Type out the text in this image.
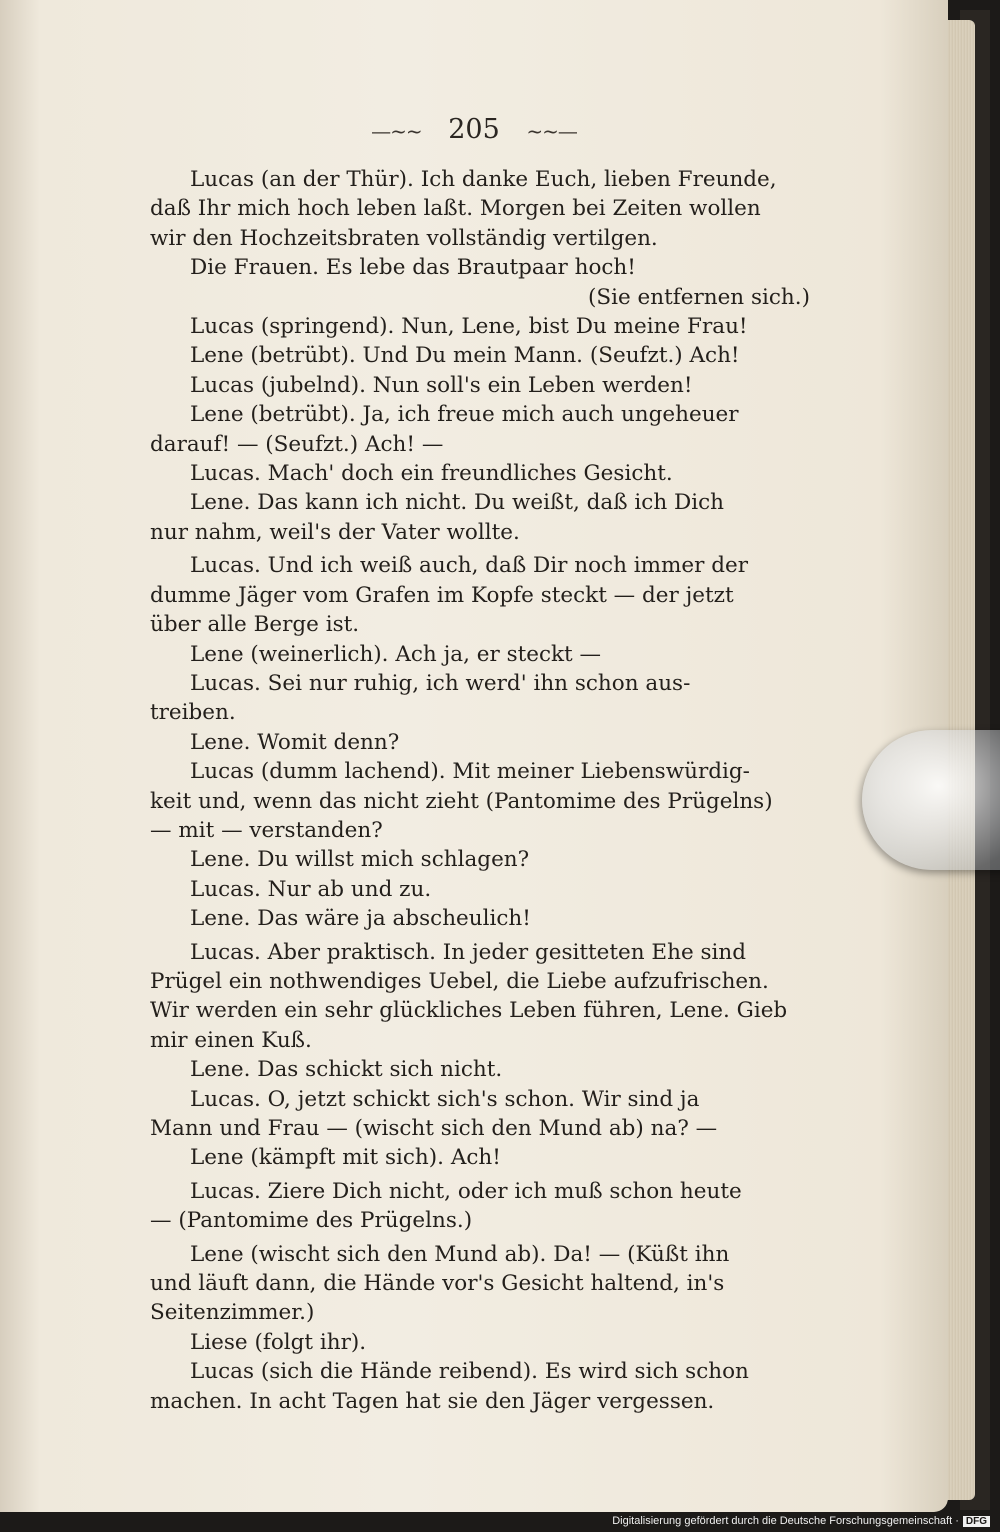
—~~ 205 ~~—

Lucas (an der Thür). Ich danke Euch, lieben Freunde,

daß Ihr mich hoch leben laßt. Morgen bei Zeiten wollen

wir den Hochzeitsbraten vollständig vertilgen.

Die Frauen. Es lebe das Brautpaar hoch!

(Sie entfernen sich.)

Lucas (springend). Nun, Lene, bist Du meine Frau!

Lene (betrübt). Und Du mein Mann. (Seufzt.) Ach!

Lucas (jubelnd). Nun soll's ein Leben werden!

Lene (betrübt). Ja, ich freue mich auch ungeheuer

darauf! — (Seufzt.) Ach! —

Lucas. Mach' doch ein freundliches Gesicht.

Lene. Das kann ich nicht. Du weißt, daß ich Dich

nur nahm, weil's der Vater wollte.

Lucas. Und ich weiß auch, daß Dir noch immer der

dumme Jäger vom Grafen im Kopfe steckt — der jetzt

über alle Berge ist.

Lene (weinerlich). Ach ja, er steckt —

Lucas. Sei nur ruhig, ich werd' ihn schon aus-

treiben.

Lene. Womit denn?

Lucas (dumm lachend). Mit meiner Liebenswürdig-

keit und, wenn das nicht zieht (Pantomime des Prügelns)

— mit — verstanden?

Lene. Du willst mich schlagen?

Lucas. Nur ab und zu.

Lene. Das wäre ja abscheulich!

Lucas. Aber praktisch. In jeder gesitteten Ehe sind

Prügel ein nothwendiges Uebel, die Liebe aufzufrischen.

Wir werden ein sehr glückliches Leben führen, Lene. Gieb

mir einen Kuß.

Lene. Das schickt sich nicht.

Lucas. O, jetzt schickt sich's schon. Wir sind ja

Mann und Frau — (wischt sich den Mund ab) na? —

Lene (kämpft mit sich). Ach!

Lucas. Ziere Dich nicht, oder ich muß schon heute

— (Pantomime des Prügelns.)

Lene (wischt sich den Mund ab). Da! — (Küßt ihn

und läuft dann, die Hände vor's Gesicht haltend, in's

Seitenzimmer.)

Liese (folgt ihr).

Lucas (sich die Hände reibend). Es wird sich schon

machen. In acht Tagen hat sie den Jäger vergessen.

Digitalisierung gefördert durch die Deutsche Forschungsgemeinschaft · DFG
